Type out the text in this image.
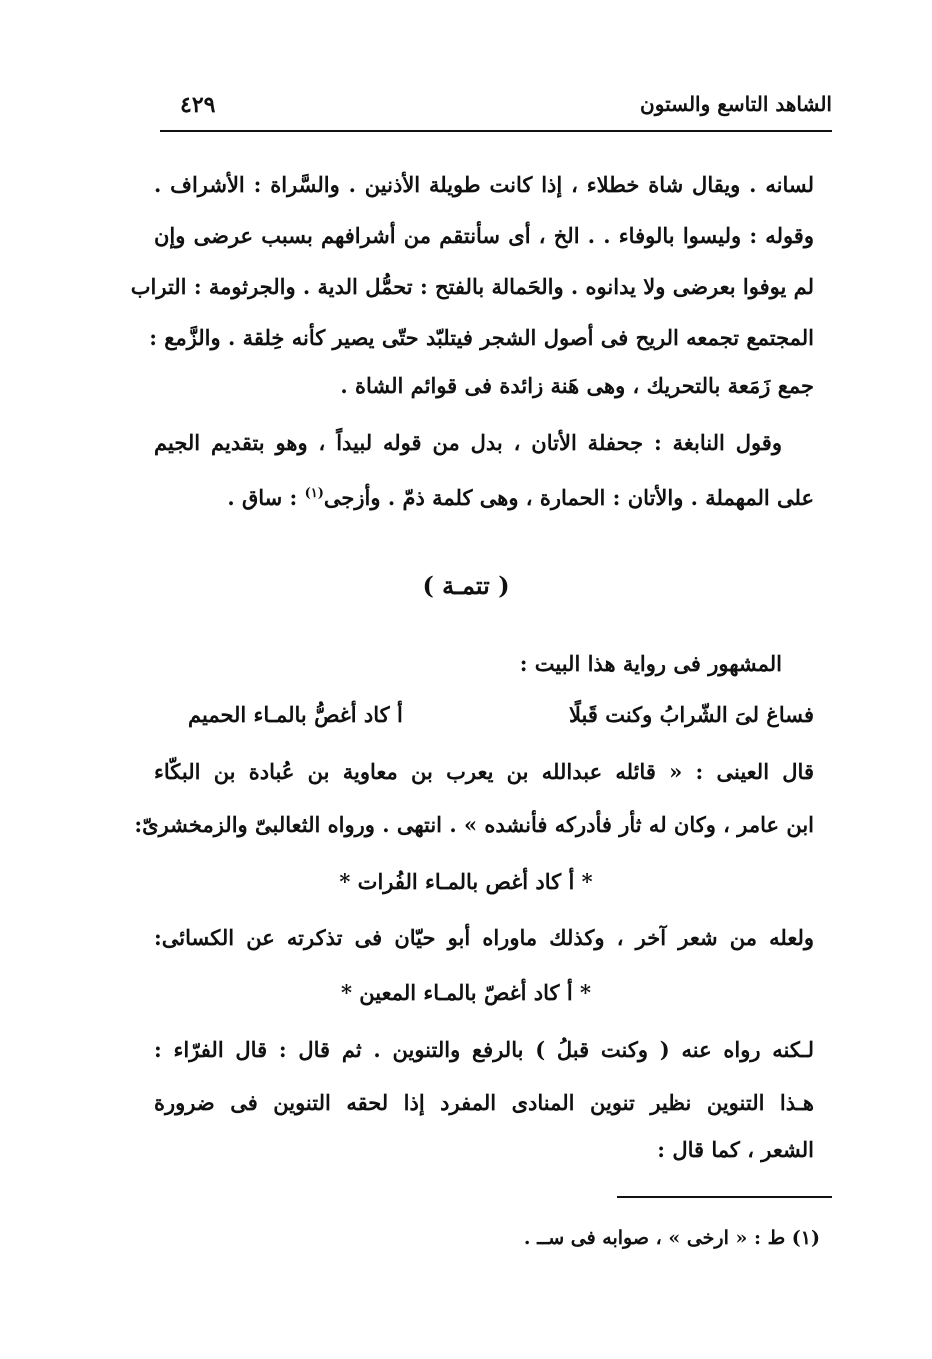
الشاهد التاسع والستون
٤٢٩
لسانه . ويقال شاة خطلاء ، إذا كانت طويلة الأذنين . والسَّراة : الأشراف .
وقوله : وليسوا بالوفاء . . الخ ، أى سأنتقم من أشرافهم بسبب عرضى وإن
لم يوفوا بعرضى ولا يدانوه . والحَمالة بالفتح : تحمُّل الدية . والجرثومة : التراب
المجتمع تجمعه الريح فى أصول الشجر فيتلبّد حتّى يصير كأنه خِلقة . والزَّمع :
جمع زَمَعة بالتحريك ، وهى هَنة زائدة فى قوائم الشاة .
وقول النابغة : جحفلة الأتان ، بدل من قوله لبيداً ، وهو بتقديم الجيم
على المهملة . والأتان : الحمارة ، وهى كلمة ذمّ . وأزجى$^{(١)}$ : ساق .
( تتمـة )
المشهور فى رواية هذا البيت :
فساغ لىَ الشّرابُ وكنت قَبلًا
أ كاد أغصُّ بالمـاء الحميم
قال العينى : « قائله عبدالله بن يعرب بن معاوية بن عُبادة بن البكّاء
ابن عامر ، وكان له ثأر فأدركه فأنشده » . انتهى . ورواه الثعالبىّ والزمخشرىّ:
* أ كاد أغص بالمـاء الفُرات *
ولعله من شعر آخر ، وكذلك ماوراه أبو حيّان فى تذكرته عن الكسائى:
* أ كاد أغصّ بالمـاء المعين *
لـكنه رواه عنه ( وكنت قبلُ ) بالرفع والتنوين . ثم قال : قال الفرّاء :
هـذا التنوين نظير تنوين المنادى المفرد إذا لحقه التنوين فى ضرورة
الشعر ، كما قال :
(١) ط : « ارخى » ، صوابه فى ســ .
